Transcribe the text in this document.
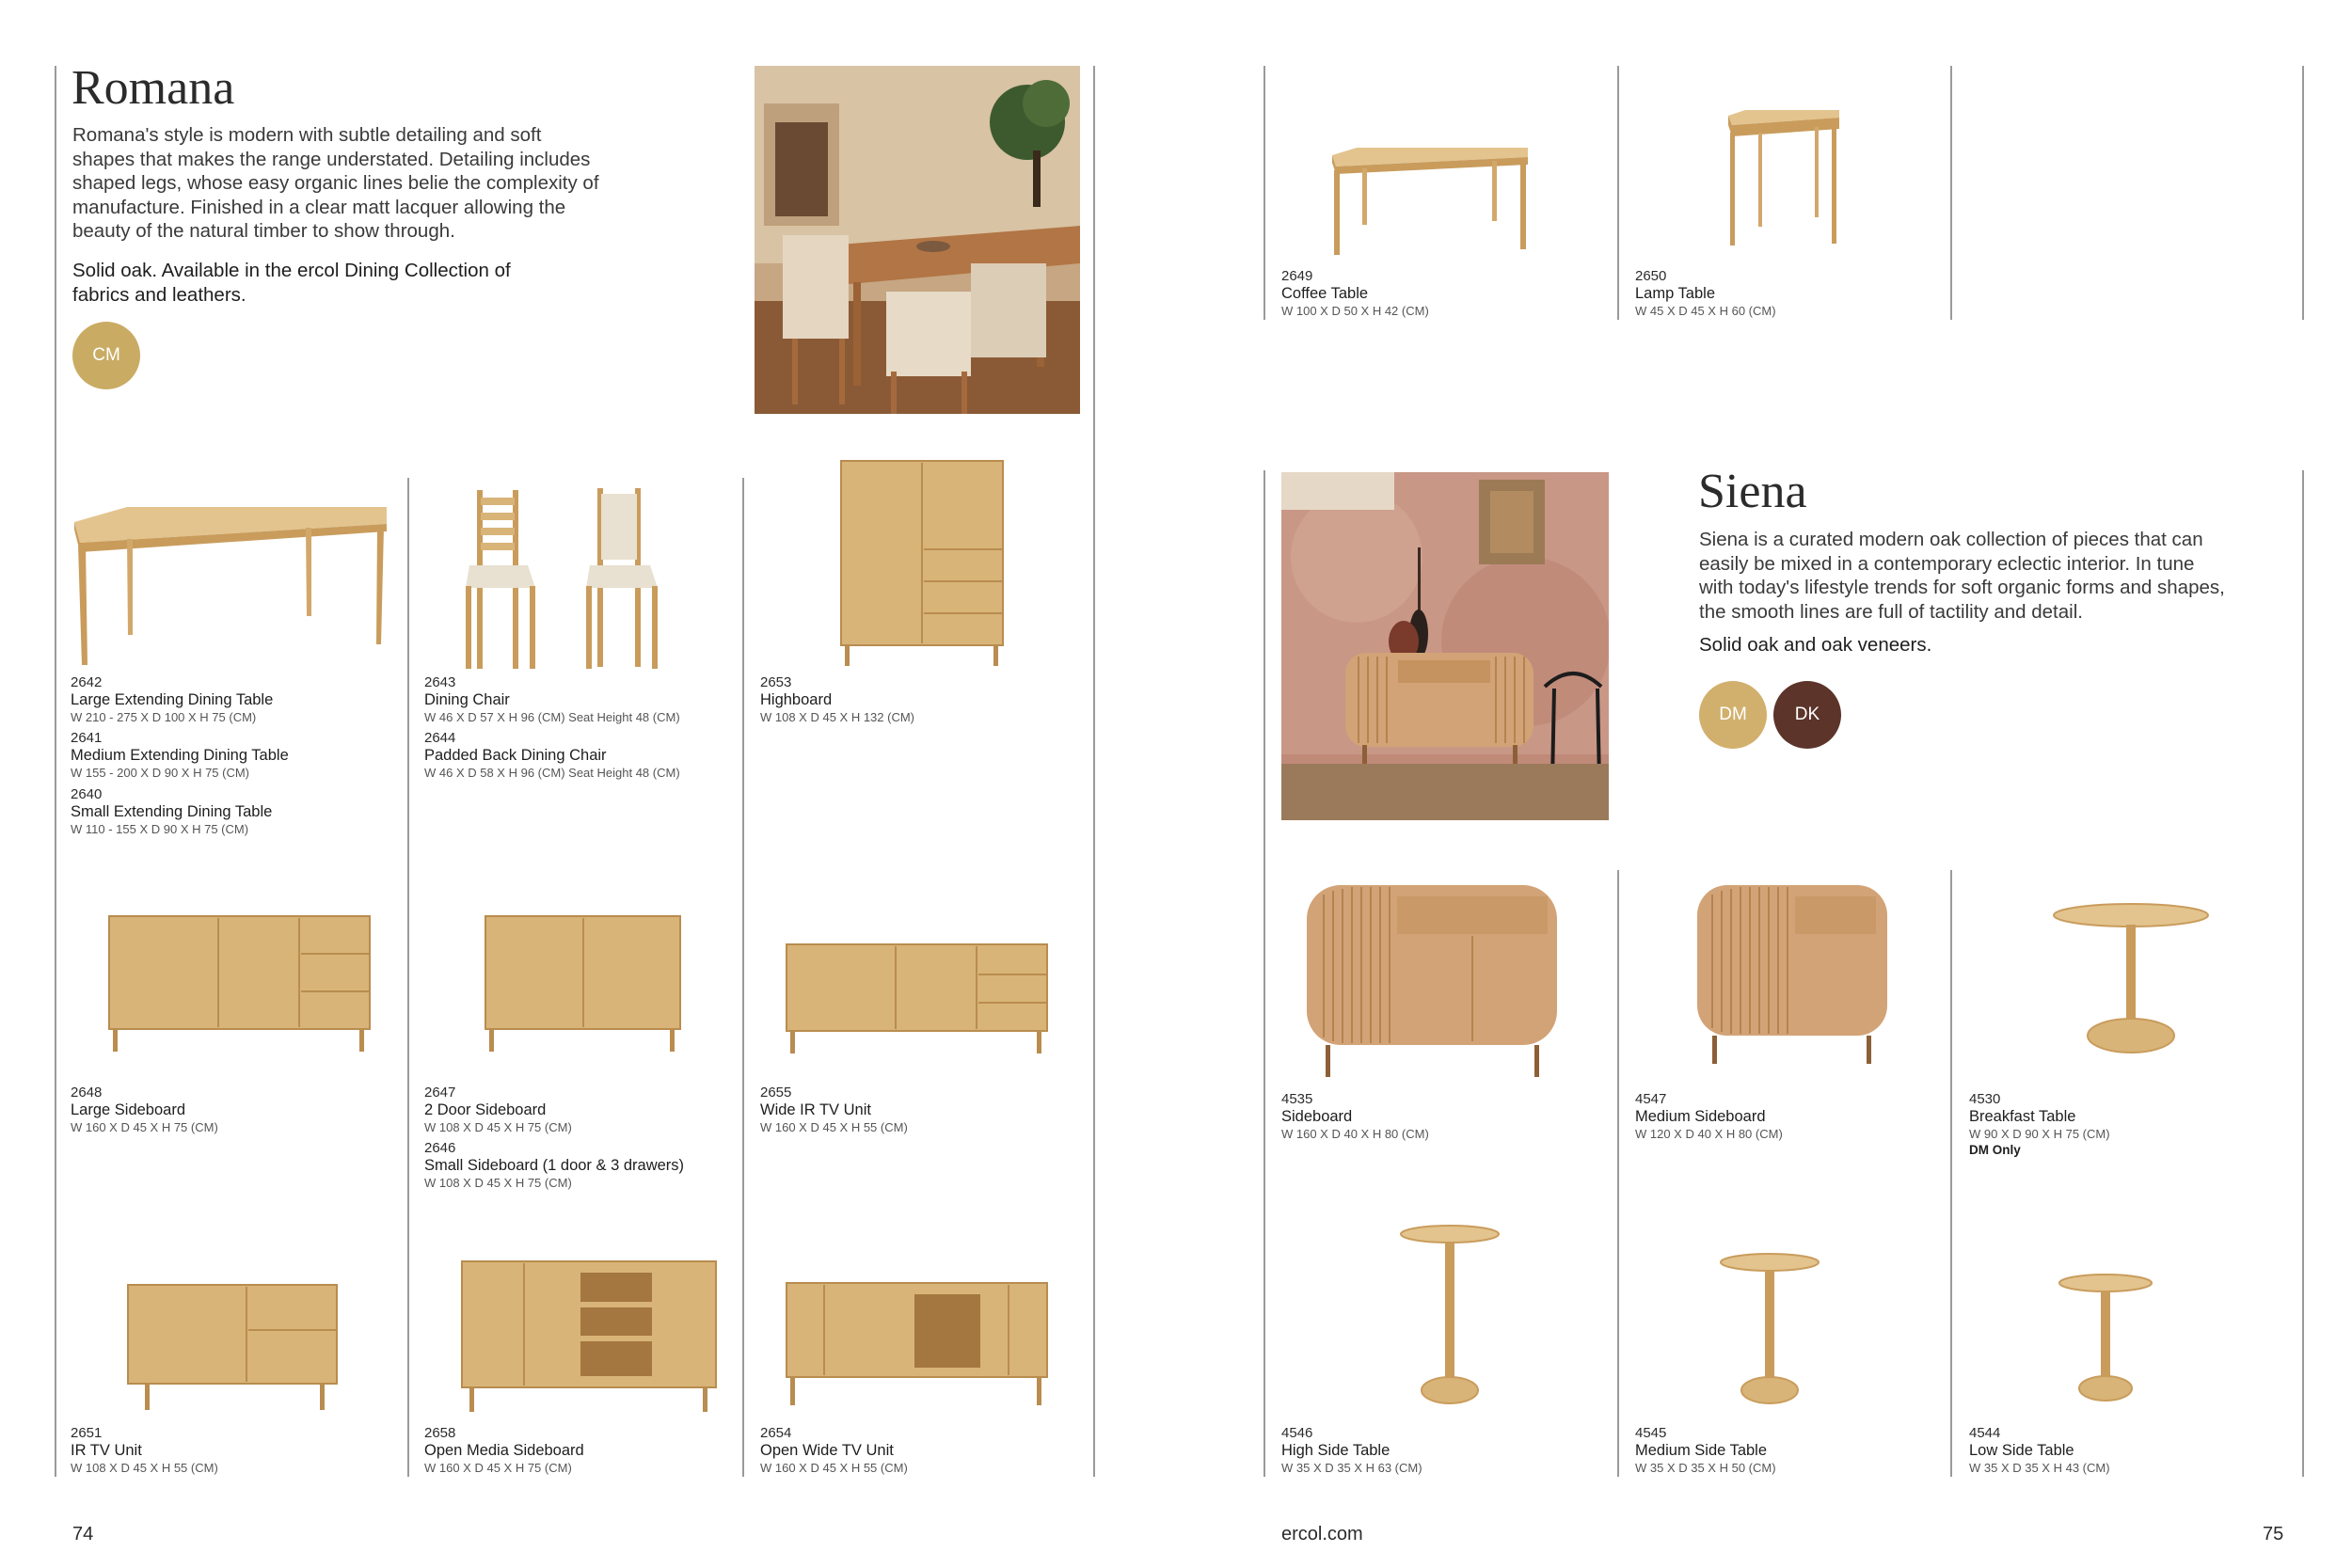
Romana
Romana's style is modern with subtle detailing and soft shapes that makes the range understated. Detailing includes shaped legs, whose easy organic lines belie the complexity of manufacture. Finished in a clear matt lacquer allowing the beauty of the natural timber to show through.
Solid oak. Available in the ercol Dining Collection of fabrics and leathers.
CM
2642
Large Extending Dining Table
W 210 - 275 X D 100 X H 75 (CM)
2641
Medium Extending Dining Table
W 155 - 200 X D 90 X H 75 (CM)
2640
Small Extending Dining Table
W 110 - 155 X D 90 X H 75 (CM)
2643
Dining Chair
W 46 X D 57 X H 96 (CM) Seat Height 48 (CM)
2644
Padded Back Dining Chair
W 46 X D 58 X H 96 (CM) Seat Height 48 (CM)
2653
Highboard
W 108 X D 45 X H 132 (CM)
2648
Large Sideboard
W 160 X D 45 X H 75 (CM)
2647
2 Door Sideboard
W 108 X D 45 X H 75 (CM)
2646
Small Sideboard (1 door & 3 drawers)
W 108 X D 45 X H 75 (CM)
2655
Wide IR TV Unit
W 160 X D 45 X H 55 (CM)
2651
IR TV Unit
W 108 X D 45 X H 55 (CM)
2658
Open Media Sideboard
W 160 X D 45 X H 75 (CM)
2654
Open Wide TV Unit
W 160 X D 45 X H 55 (CM)
74
2649
Coffee Table
W 100 X D 50 X H 42 (CM)
2650
Lamp Table
W 45 X D 45 X H 60 (CM)
Siena
Siena is a curated modern oak collection of pieces that can easily be mixed in a contemporary eclectic interior. In tune with today's lifestyle trends for soft organic forms and shapes, the smooth lines are full of tactility and detail.
Solid oak and oak veneers.
DM	DK
4535
Sideboard
W 160 X D 40 X H 80 (CM)
4547
Medium Sideboard
W 120 X D 40 X H 80 (CM)
4530
Breakfast Table
W 90 X D 90 X H 75 (CM)
DM Only
4546
High Side Table
W 35 X D 35 X H 63 (CM)
4545
Medium Side Table
W 35 X D 35 X H 50 (CM)
4544
Low Side Table
W 35 X D 35 X H 43 (CM)
ercol.com	75
